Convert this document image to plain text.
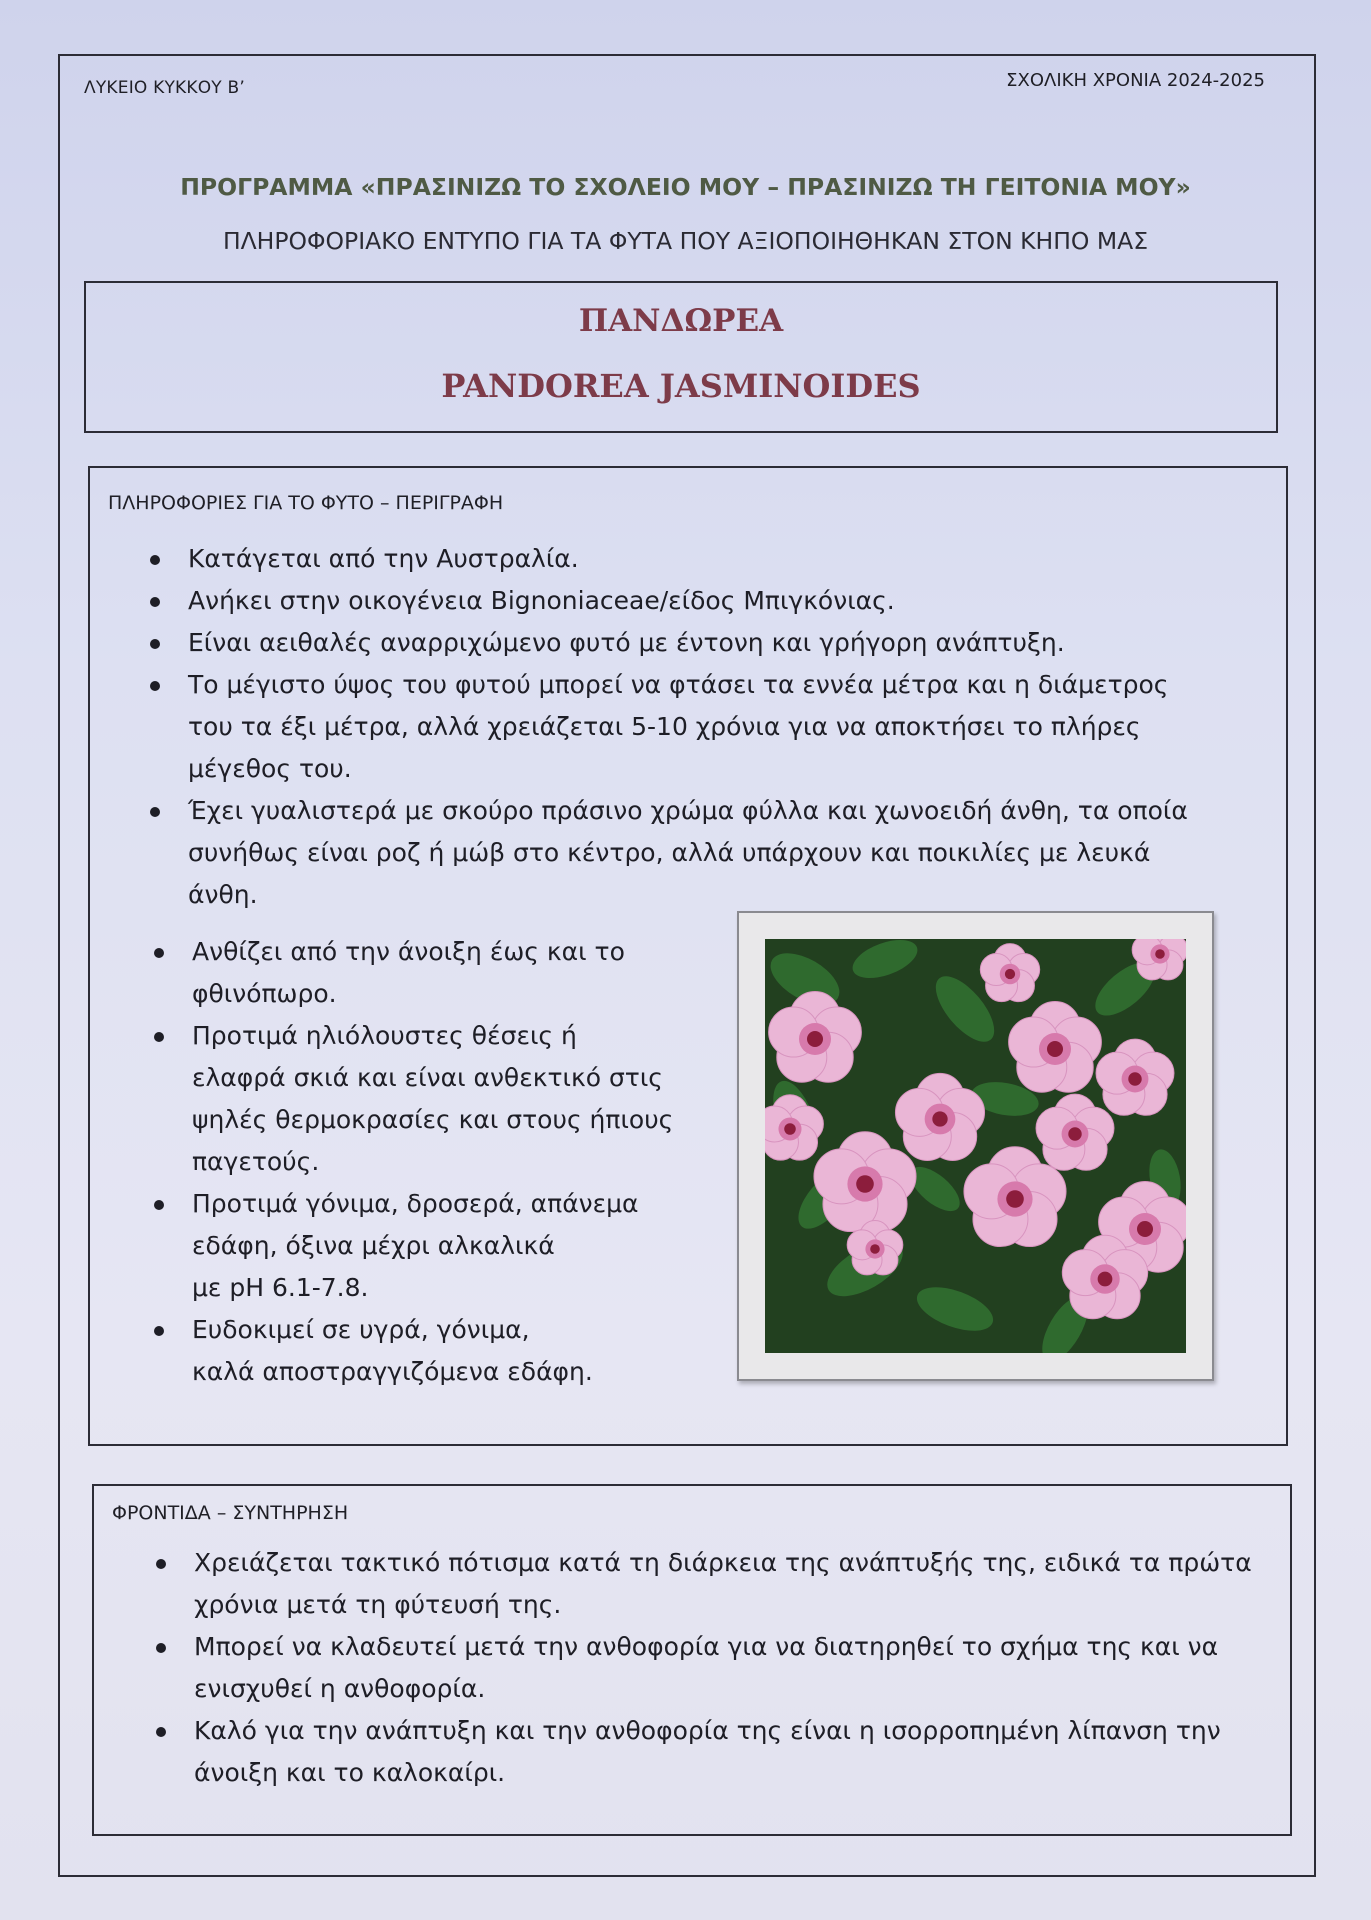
ΛΥΚΕΙΟ ΚΥΚΚΟΥ Β’	ΣΧΟΛΙΚΗ ΧΡΟΝΙΑ 2024-2025
ΠΡΟΓΡΑΜΜΑ «ΠΡΑΣΙΝΙΖΩ ΤΟ ΣΧΟΛΕΙΟ ΜΟΥ – ΠΡΑΣΙΝΙΖΩ ΤΗ ΓΕΙΤΟΝΙΑ ΜΟΥ»
ΠΛΗΡΟΦΟΡΙΑΚΟ ΕΝΤΥΠΟ ΓΙΑ ΤΑ ΦΥΤΑ ΠΟΥ ΑΞΙΟΠΟΙΗΘΗΚΑΝ ΣΤΟΝ ΚΗΠΟ ΜΑΣ
ΠΑΝΔΩΡΕΑ
PANDOREA JASMINOIDES
ΠΛΗΡΟΦΟΡΙΕΣ ΓΙΑ ΤΟ ΦΥΤΟ – ΠΕΡΙΓΡΑΦΗ
Κατάγεται από την Αυστραλία.
Ανήκει στην οικογένεια Bignoniaceae/είδος Μπιγκόνιας.
Είναι αειθαλές αναρριχώμενο φυτό με έντονη και γρήγορη ανάπτυξη.
Το μέγιστο ύψος του φυτού μπορεί να φτάσει τα εννέα μέτρα και η διάμετρος
του τα έξι μέτρα, αλλά χρειάζεται 5-10 χρόνια για να αποκτήσει το πλήρες
μέγεθος του.
Έχει γυαλιστερά με σκούρο πράσινο χρώμα φύλλα και χωνοειδή άνθη, τα οποία
συνήθως είναι ροζ ή μώβ στο κέντρο, αλλά υπάρχουν και ποικιλίες με λευκά
άνθη.
Ανθίζει από την άνοιξη έως και το
φθινόπωρο.
Προτιμά ηλιόλουστες θέσεις ή
ελαφρά σκιά και είναι ανθεκτικό στις
ψηλές θερμοκρασίες και στους ήπιους
παγετούς.
Προτιμά γόνιμα, δροσερά, απάνεμα
εδάφη, όξινα μέχρι αλκαλικά
με pH 6.1-7.8.
Ευδοκιμεί σε υγρά, γόνιμα,
καλά αποστραγγιζόμενα εδάφη.
ΦΡΟΝΤΙΔΑ – ΣΥΝΤΗΡΗΣΗ
Χρειάζεται τακτικό πότισμα κατά τη διάρκεια της ανάπτυξής της, ειδικά τα πρώτα
χρόνια μετά τη φύτευσή της.
Μπορεί να κλαδευτεί μετά την ανθοφορία για να διατηρηθεί το σχήμα της και να
ενισχυθεί η ανθοφορία.
Καλό για την ανάπτυξη και την ανθοφορία της είναι η ισορροπημένη λίπανση την
άνοιξη και το καλοκαίρι.
